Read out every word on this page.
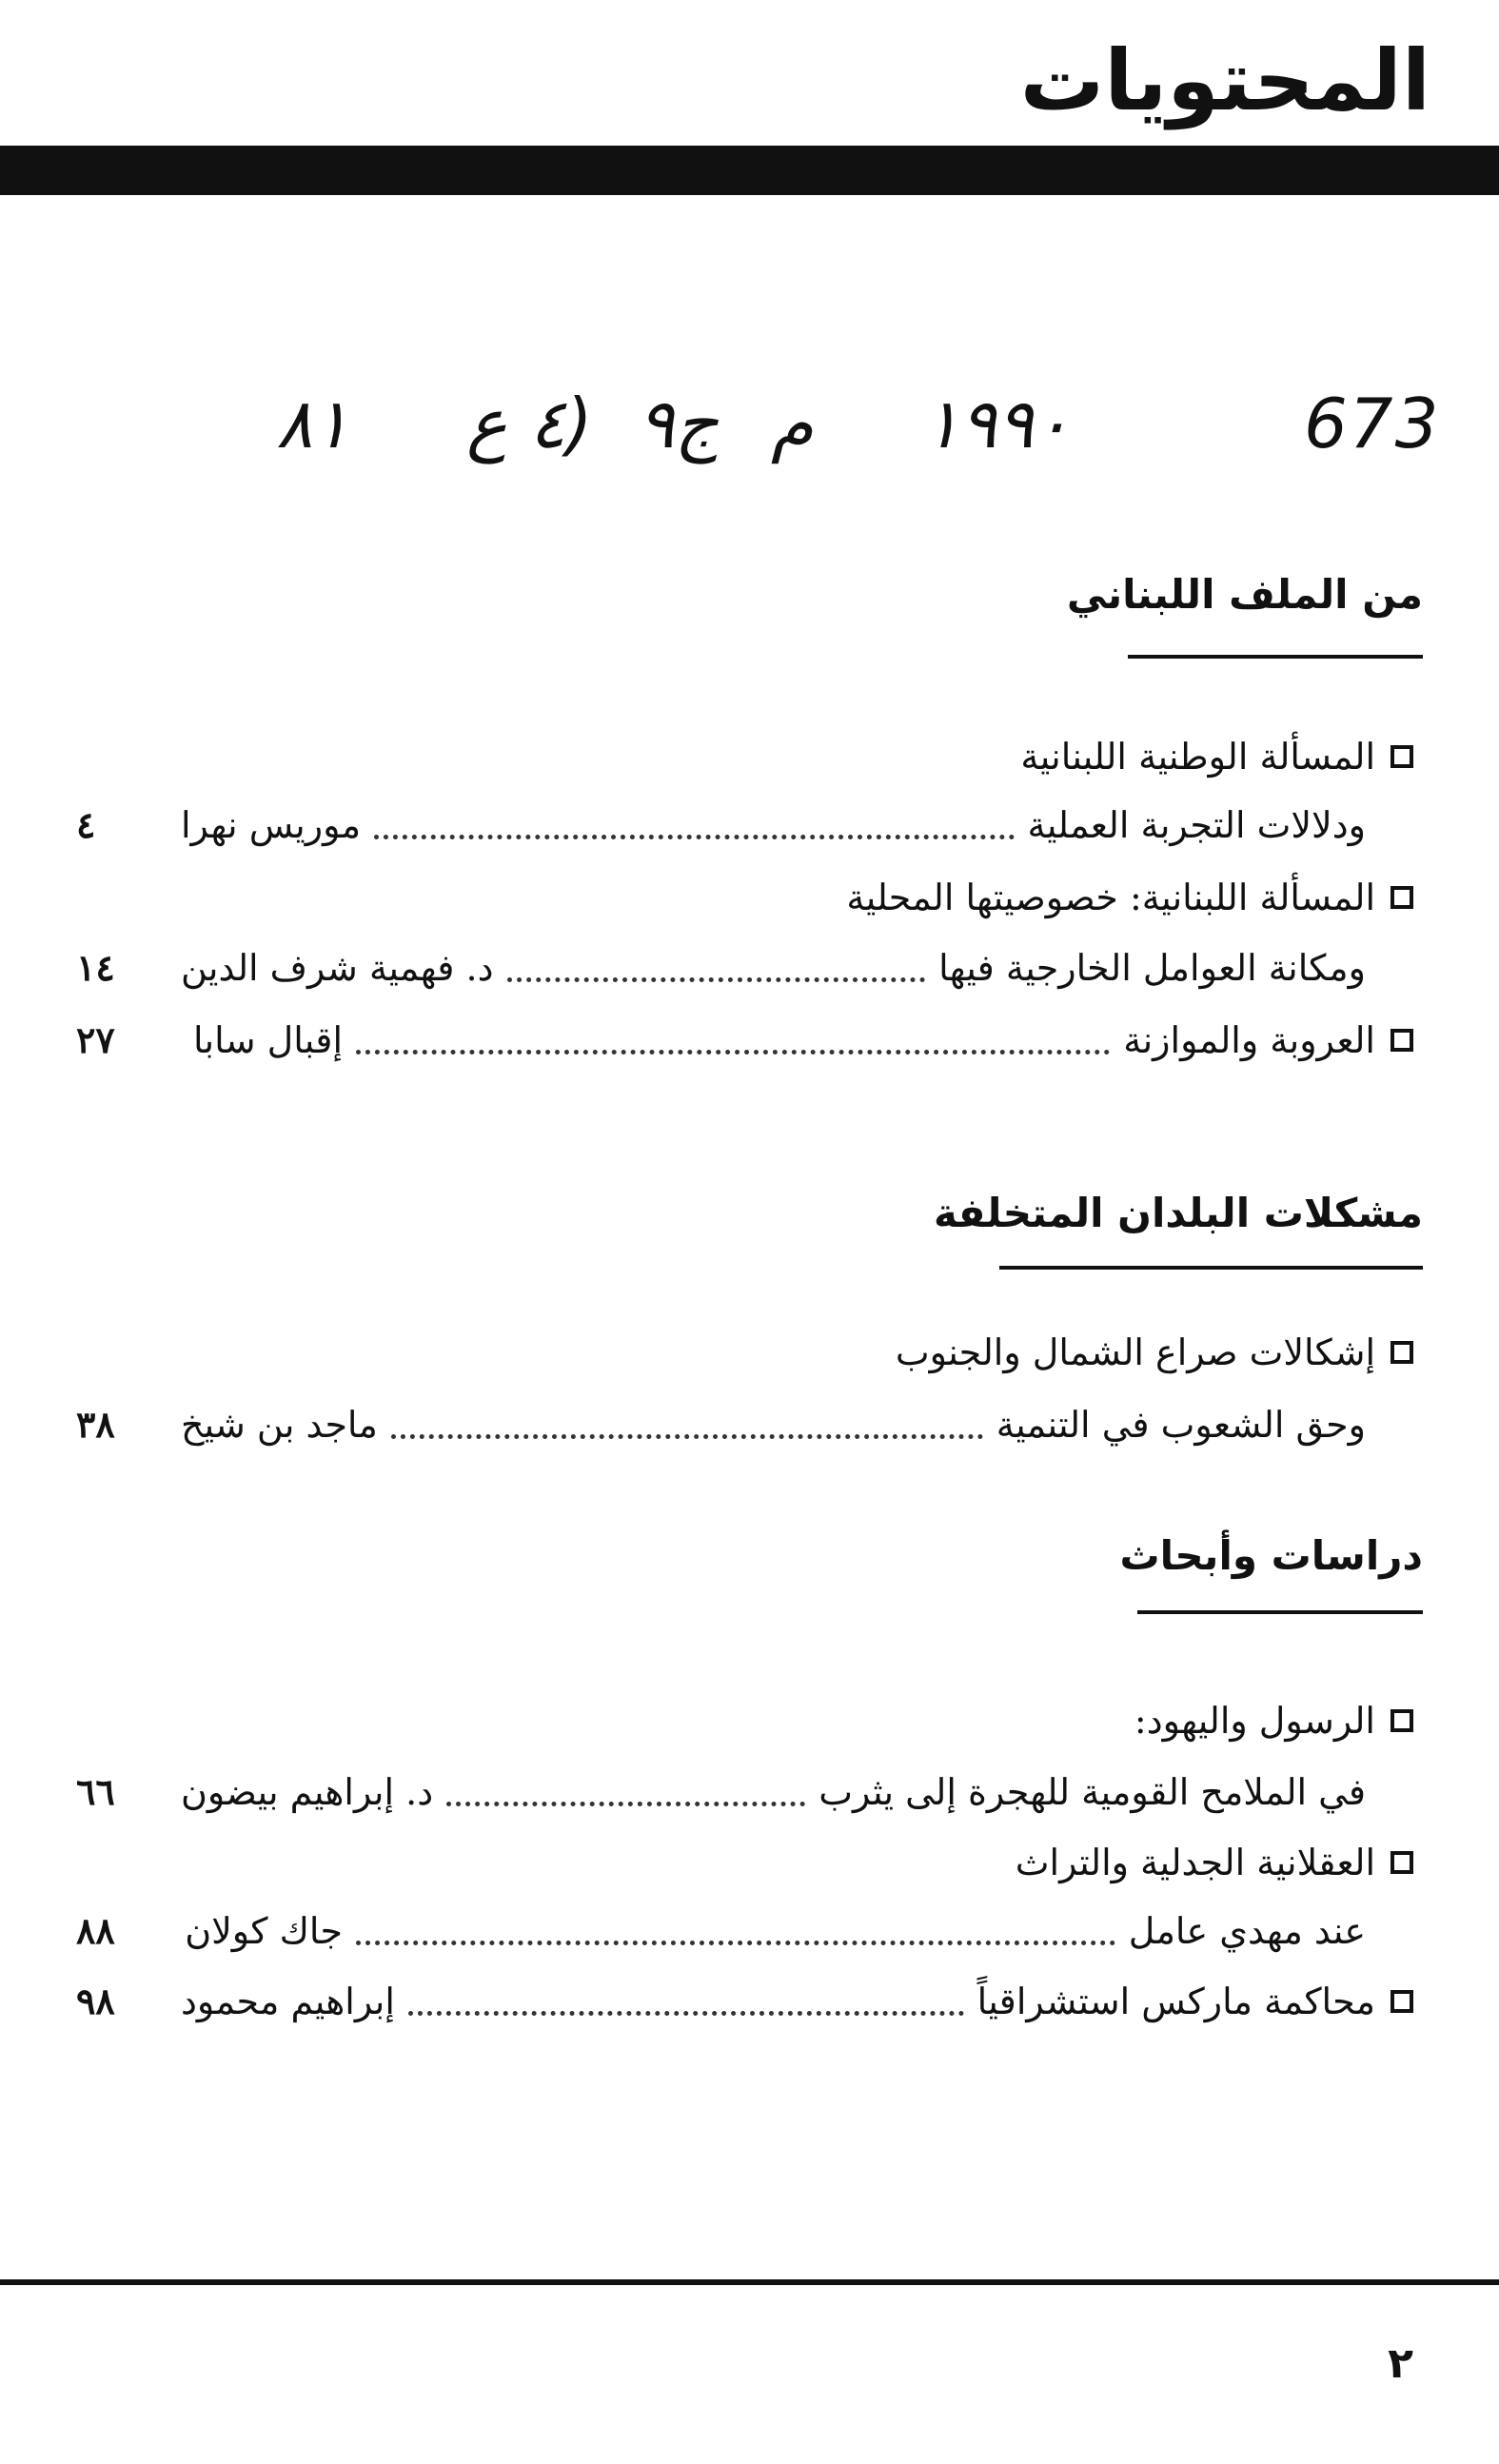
المحتويات
٨١ ٤ ع) ج٩ م ١٩٩٠	673
من الملف اللبناني
المسألة الوطنية اللبنانية
ودلالات التجربة العملية
موريس نهرا
٤
المسألة اللبنانية: خصوصيتها المحلية
ومكانة العوامل الخارجية فيها
د. فهمية شرف الدين
١٤
العروبة والموازنة
إقبال سابا
٢٧
مشكلات البلدان المتخلفة
إشكالات صراع الشمال والجنوب
وحق الشعوب في التنمية
ماجد بن شيخ
٣٨
دراسات وأبحاث
الرسول واليهود:
في الملامح القومية للهجرة إلى يثرب
د. إبراهيم بيضون
٦٦
العقلانية الجدلية والتراث
عند مهدي عامل
جاك كولان
٨٨
محاكمة ماركس استشراقياً
إبراهيم محمود
٩٨
٢
